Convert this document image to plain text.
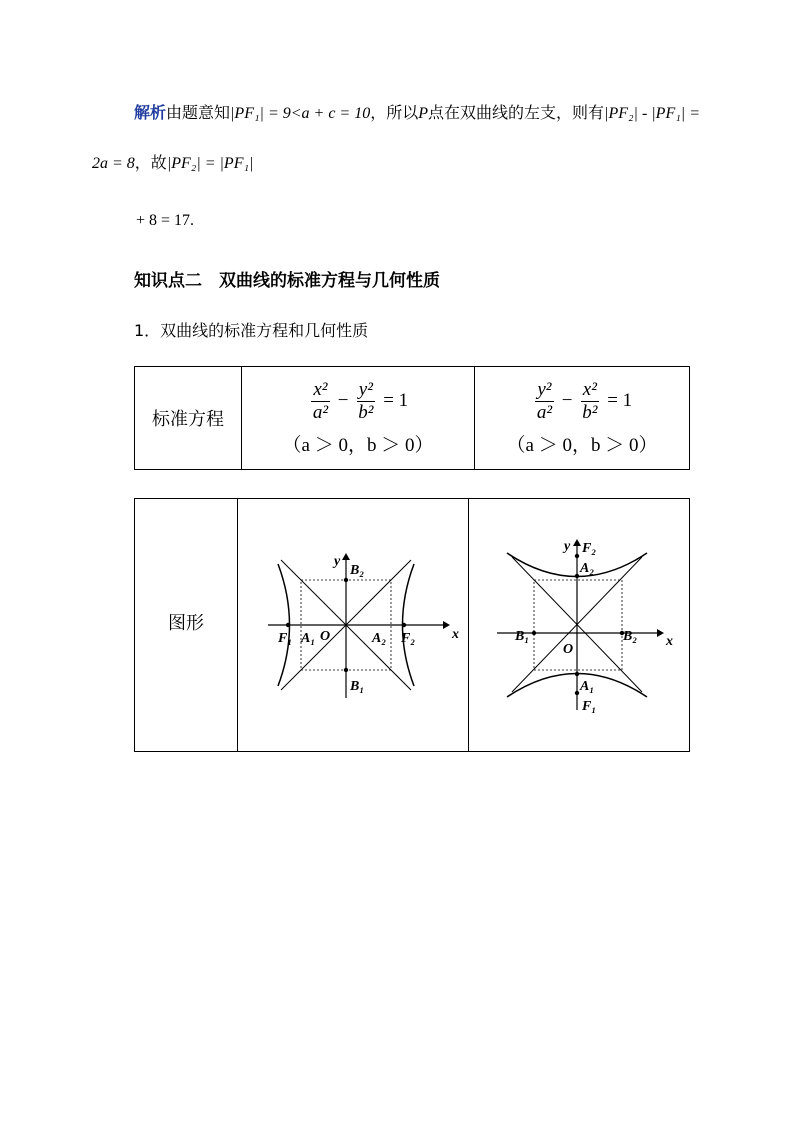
解析由题意知|PF₁| = 9<a + c = 10，所以P点在双曲线的左支，则有|PF₂| - |PF₁| =
2a = 8，故|PF₂| = |PF₁|
+ 8 = 17.
知识点二　双曲线的标准方程与几何性质
1．双曲线的标准方程和几何性质
标准方程	$\frac{\text{x²}}{\text{a²}} - \frac{\text{y²}}{\text{b²}} = 1$
（a ＞ 0，b ＞ 0）

$\frac{\text{y²}}{\text{a²}} - \frac{\text{x²}}{\text{b²}} = 1$
（a ＞ 0，b ＞ 0）
图形	
x
y
B₂
B₁
F₁ A₁ O	A₂ F₂	x
y F₂
A₂
A₁
F₁
B₁	B₂
O
